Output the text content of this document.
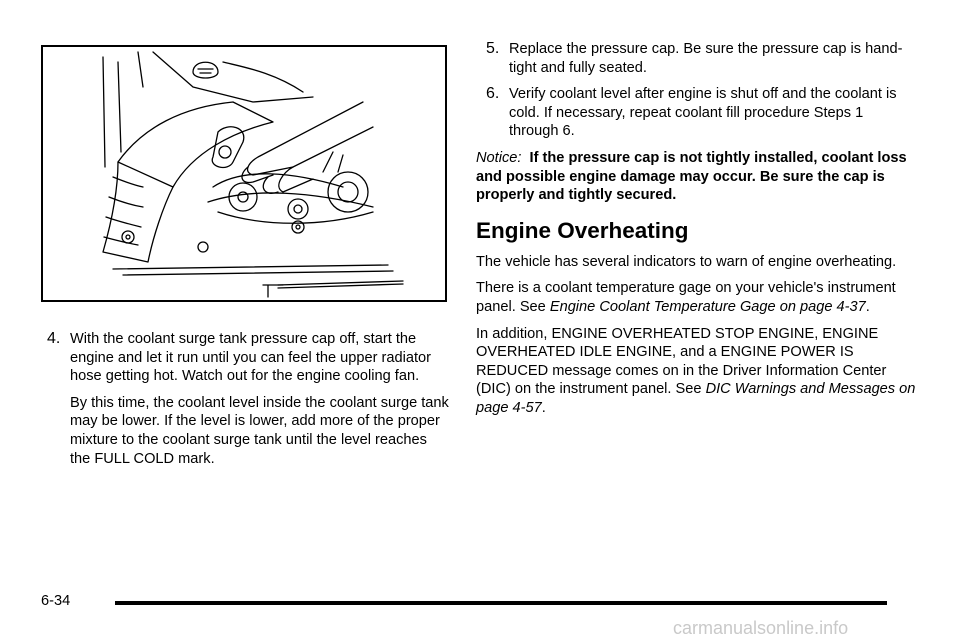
4. With the coolant surge tank pressure cap off, start the engine and let it run until you can feel the upper radiator hose getting hot. Watch out for the engine cooling fan.

By this time, the coolant level inside the coolant surge tank may be lower. If the level is lower, add more of the proper mixture to the coolant surge tank until the level reaches the FULL COLD mark.

5. Replace the pressure cap. Be sure the pressure cap is hand-tight and fully seated.

6. Verify coolant level after engine is shut off and the coolant is cold. If necessary, repeat coolant fill procedure Steps 1 through 6.

Notice: If the pressure cap is not tightly installed, coolant loss and possible engine damage may occur. Be sure the cap is properly and tightly secured.

Engine Overheating

The vehicle has several indicators to warn of engine overheating.

There is a coolant temperature gage on your vehicle's instrument panel. See Engine Coolant Temperature Gage on page 4-37.

In addition, ENGINE OVERHEATED STOP ENGINE, ENGINE OVERHEATED IDLE ENGINE, and a ENGINE POWER IS REDUCED message comes on in the Driver Information Center (DIC) on the instrument panel. See DIC Warnings and Messages on page 4-57.

6-34
carmanualsonline.info
